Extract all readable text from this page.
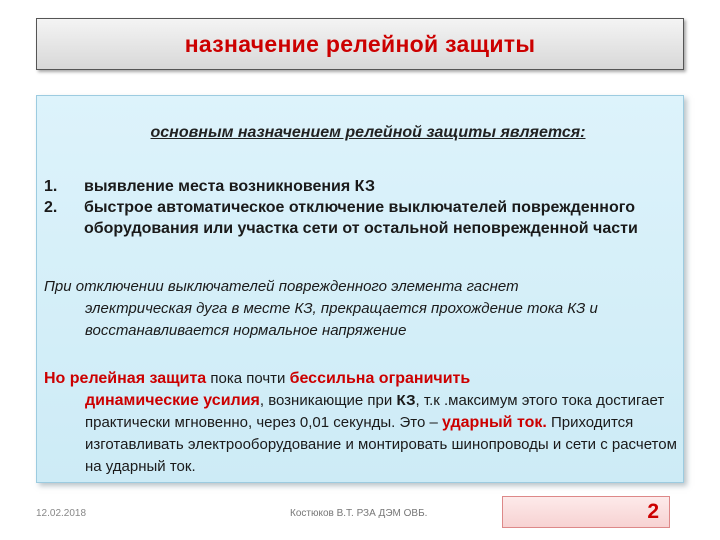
назначение релейной защиты
основным назначением релейной защиты является:
1.	выявление места возникновения КЗ
2.	быстрое автоматическое отключение выключателей поврежденного оборудования или участка сети от остальной неповрежденной части
При отключении выключателей поврежденного элемента гаснет
электрическая дуга в месте КЗ, прекращается прохождение тока КЗ и восстанавливается нормальное напряжение
Но релейная защита пока почти бессильна ограничить
динамические усилия, возникающие при КЗ, т.к .максимум этого тока достигает практически мгновенно, через 0,01 секунды. Это – ударный ток. Приходится изготавливать электрооборудование и монтировать шинопроводы и сети с расчетом на ударный ток.
12.02.2018	Костюков В.Т. РЗА ДЭМ ОВБ.	2
